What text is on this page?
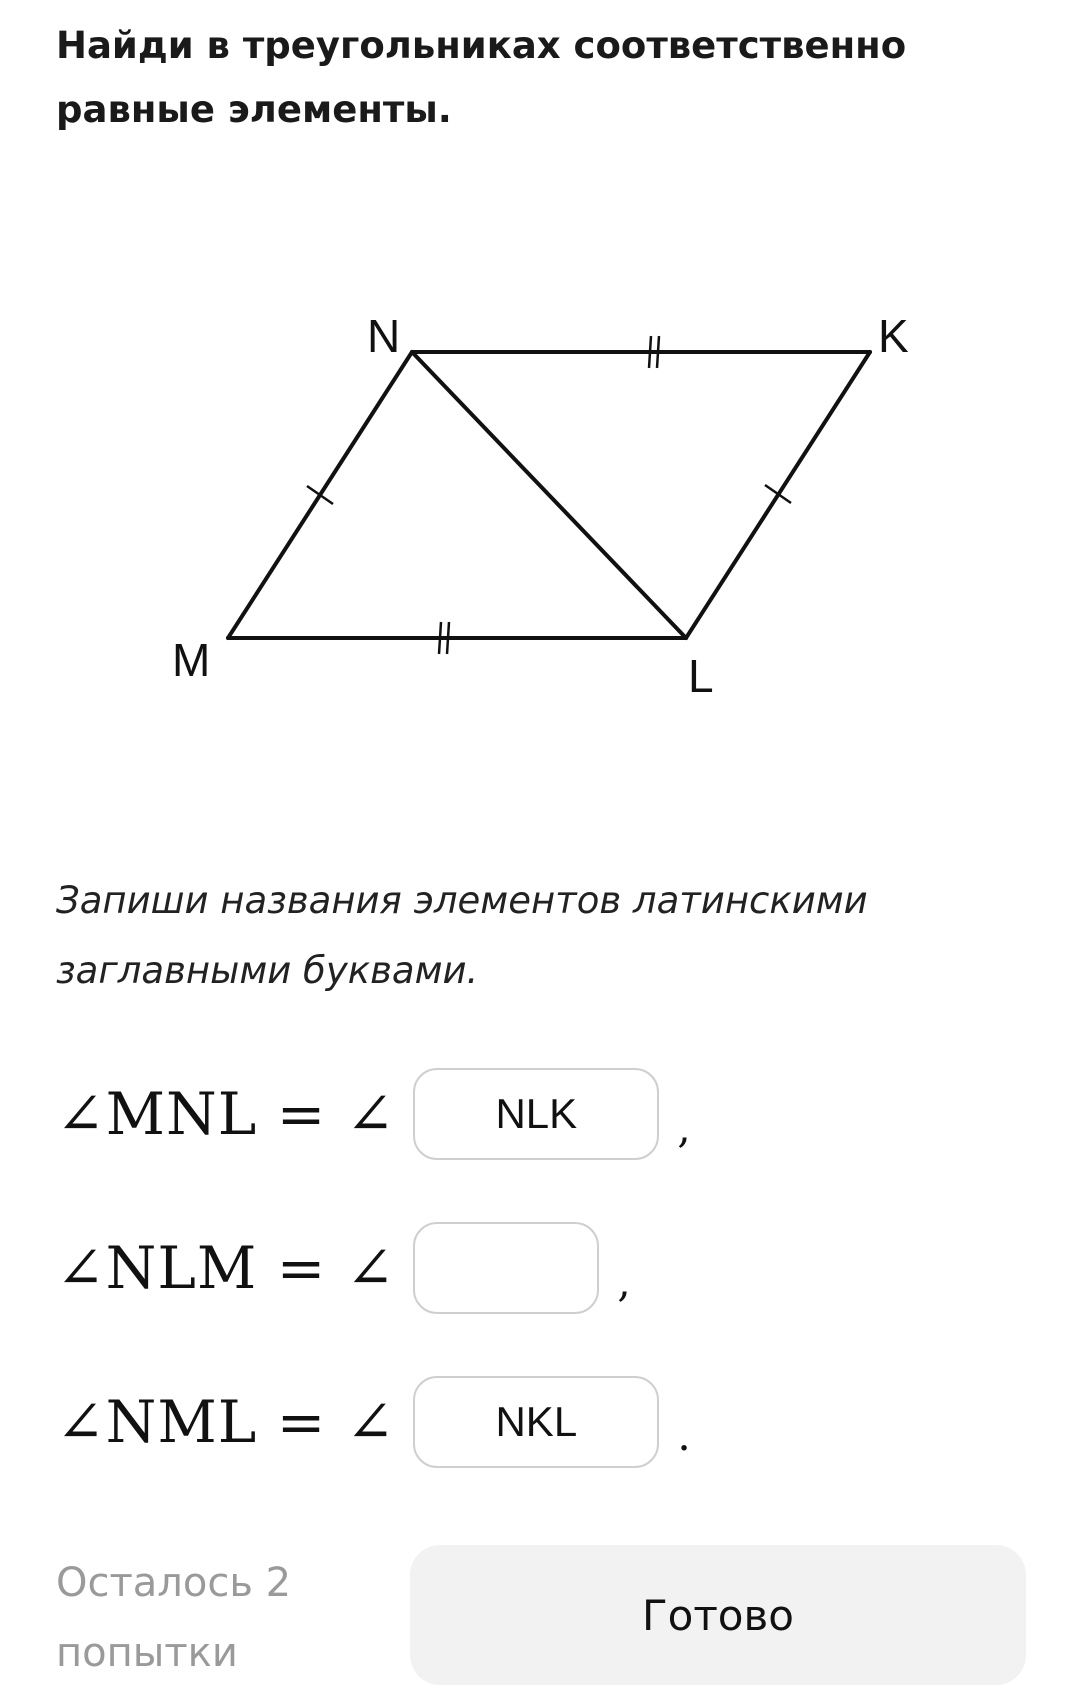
Найди в треугольниках соответственно равные элементы.
N	K
M	L

Запиши названия элементов латинскими заглавными буквами.

∠MNL = ∠
NLK	,
∠NLM = ∠	,
∠NML = ∠
NKL	.

Осталось 2 попытки

Готово
